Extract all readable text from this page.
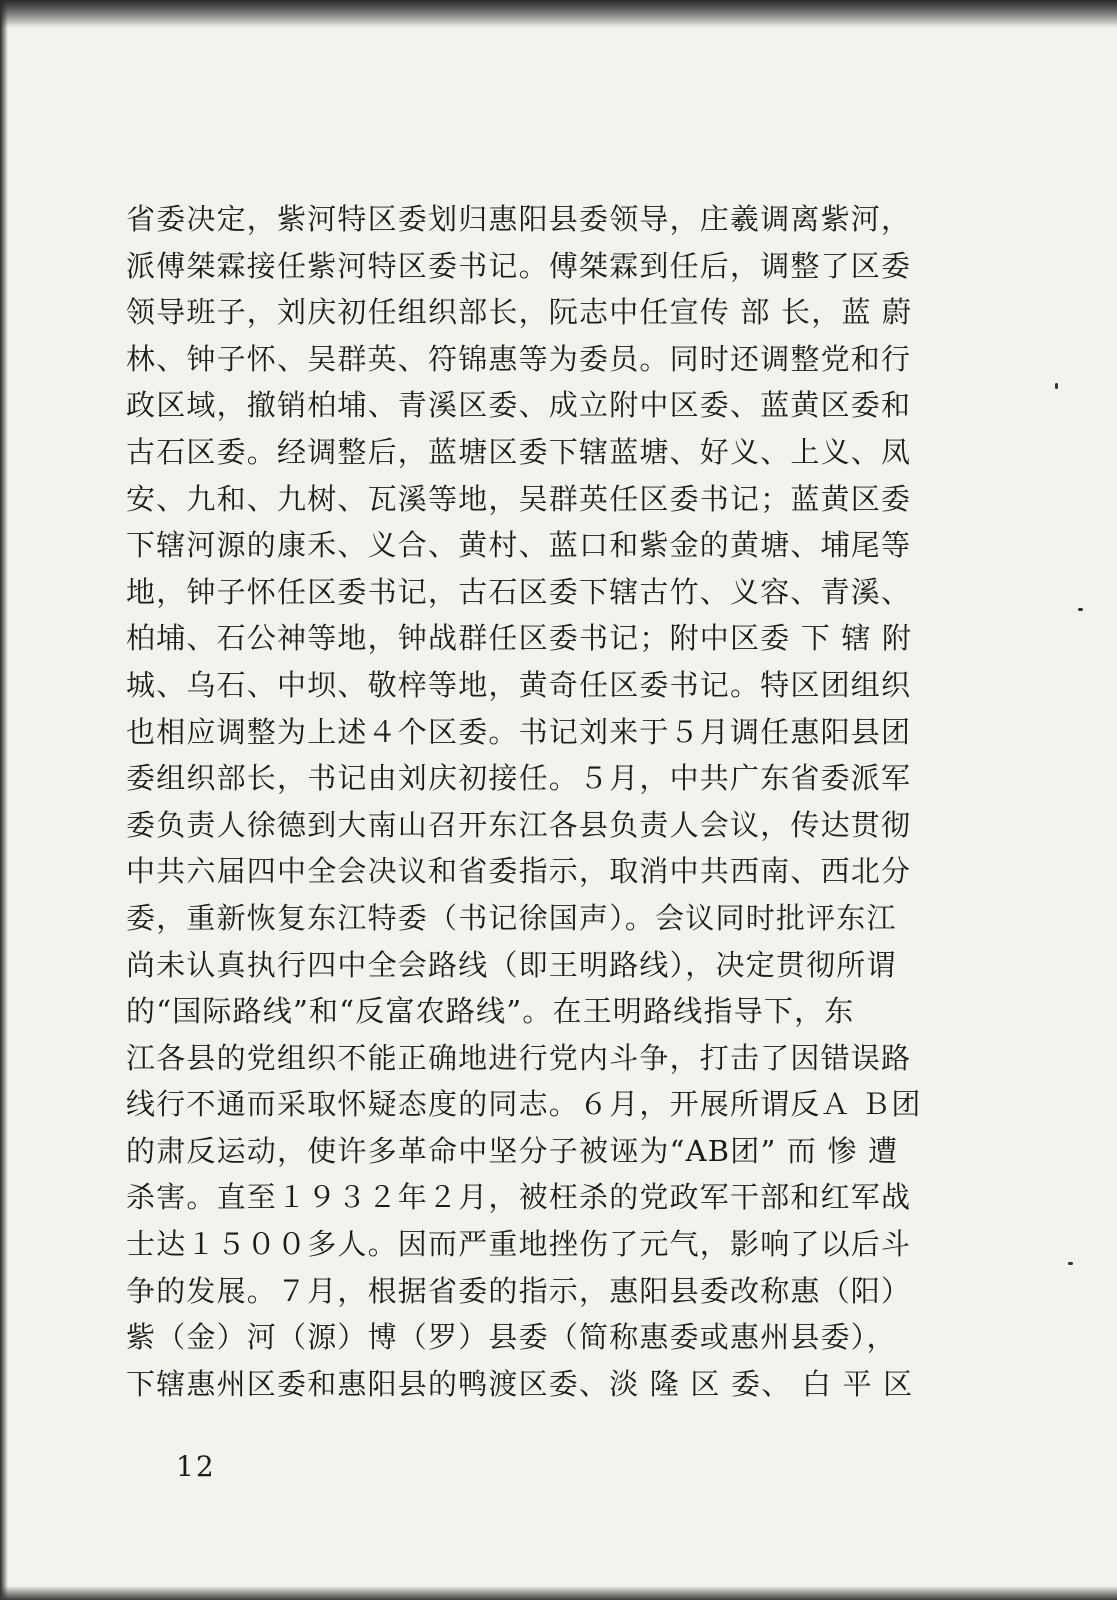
省委决定，紫河特区委划归惠阳县委领导，庄羲调离紫河，
派傅桀霖接任紫河特区委书记。傅桀霖到任后，调整了区委
领导班子，刘庆初任组织部长，阮志中任宣传 部 长，蓝 蔚
林、钟子怀、吴群英、符锦惠等为委员。同时还调整党和行
政区域，撤销柏埔、青溪区委、成立附中区委、蓝黄区委和
古石区委。经调整后，蓝塘区委下辖蓝塘、好义、上义、凤
安、九和、九树、瓦溪等地，吴群英任区委书记；蓝黄区委
下辖河源的康禾、义合、黄村、蓝口和紫金的黄塘、埔尾等
地，钟子怀任区委书记，古石区委下辖古竹、义容、青溪、
柏埔、石公神等地，钟战群任区委书记；附中区委 下 辖 附
城、乌石、中坝、敬梓等地，黄奇任区委书记。特区团组织
也相应调整为上述４个区委。书记刘来于５月调任惠阳县团
委组织部长，书记由刘庆初接任。５月，中共广东省委派军
委负责人徐德到大南山召开东江各县负责人会议，传达贯彻
中共六届四中全会决议和省委指示，取消中共西南、西北分
委，重新恢复东江特委（书记徐国声）。会议同时批评东江
尚未认真执行四中全会路线（即王明路线），决定贯彻所谓
的“国际路线”和“反富农路线”。在王明路线指导下，东
江各县的党组织不能正确地进行党内斗争，打击了因错误路
线行不通而采取怀疑态度的同志。６月，开展所谓反Ａ Ｂ团
的肃反运动，使许多革命中坚分子被诬为“AB团” 而 惨 遭
杀害。直至１９３２年２月，被枉杀的党政军干部和红军战
士达１５００多人。因而严重地挫伤了元气，影响了以后斗
争的发展。７月，根据省委的指示，惠阳县委改称惠（阳）
紫（金）河（源）博（罗）县委（简称惠委或惠州县委），
下辖惠州区委和惠阳县的鸭渡区委、淡 隆 区 委、 白 平 区
12
